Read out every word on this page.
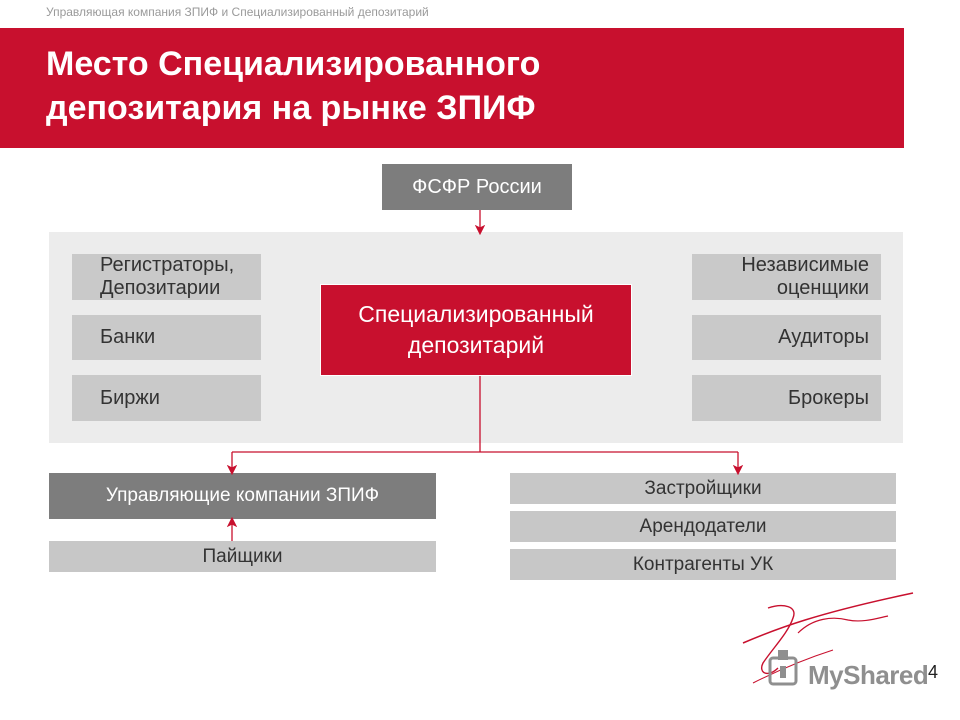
Управляющая компания ЗПИФ и Специализированный депозитарий
Место Специализированного
депозитария на рынке ЗПИФ
ФСФР России
Регистраторы,
Депозитарии
Банки
Биржи
Независимые
оценщики
Аудиторы
Брокеры
Специализированный
депозитарий
Управляющие компании ЗПИФ
Пайщики
Застройщики
Арендодатели
Контрагенты УК
MyShared 4
